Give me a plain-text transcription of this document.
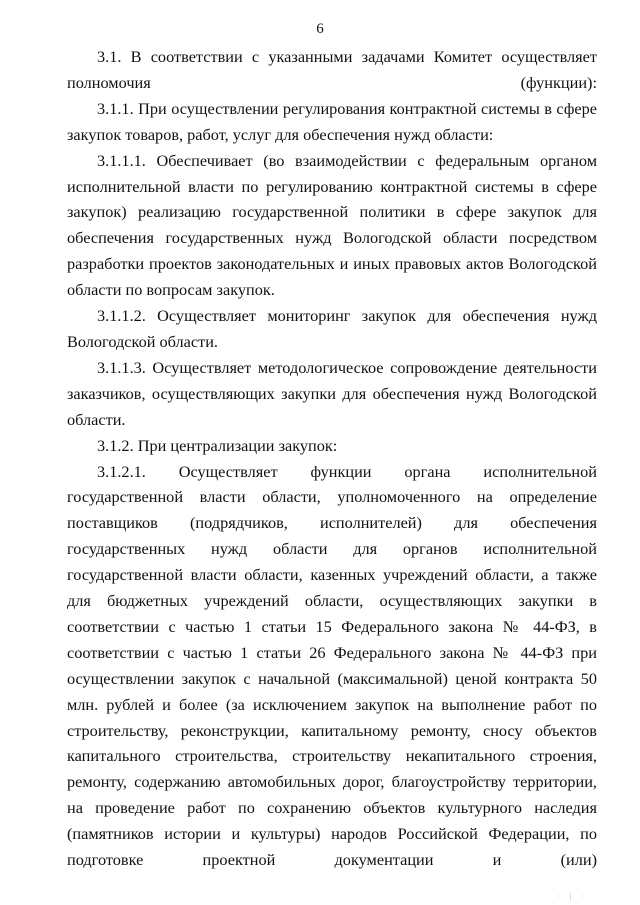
6

3.1. В соответствии с указанными задачами Комитет осуществляет полномочия (функции):

3.1.1. При осуществлении регулирования контрактной системы в сфере закупок товаров, работ, услуг для обеспечения нужд области:

3.1.1.1. Обеспечивает (во взаимодействии с федеральным органом исполнительной власти по регулированию контрактной системы в сфере закупок) реализацию государственной политики в сфере закупок для обеспечения государственных нужд Вологодской области посредством разработки проектов законодательных и иных правовых актов Вологодской области по вопросам закупок.

3.1.1.2. Осуществляет мониторинг закупок для обеспечения нужд Вологодской области.

3.1.1.3. Осуществляет методологическое сопровождение деятельности заказчиков, осуществляющих закупки для обеспечения нужд Вологодской области.

3.1.2. При централизации закупок:

3.1.2.1. Осуществляет функции органа исполнительной государственной власти области, уполномоченного на определение поставщиков (подрядчиков, исполнителей) для обеспечения государственных нужд области для органов исполнительной государственной власти области, казенных учреждений области, а также для бюджетных учреждений области, осуществляющих закупки в соответствии с частью 1 статьи 15 Федерального закона № 44-ФЗ, в соответствии с частью 1 статьи 26 Федерального закона № 44-ФЗ при осуществлении закупок с начальной (максимальной) ценой контракта 50 млн. рублей и более (за исключением закупок на выполнение работ по строительству, реконструкции, капитальному ремонту, сносу объектов капитального строительства, строительству некапитального строения, ремонту, содержанию автомобильных дорог, благоустройству территории, на проведение работ по сохранению объектов культурного наследия (памятников истории и культуры) народов Российской Федерации, по подготовке проектной документации и (или)

· | ·
